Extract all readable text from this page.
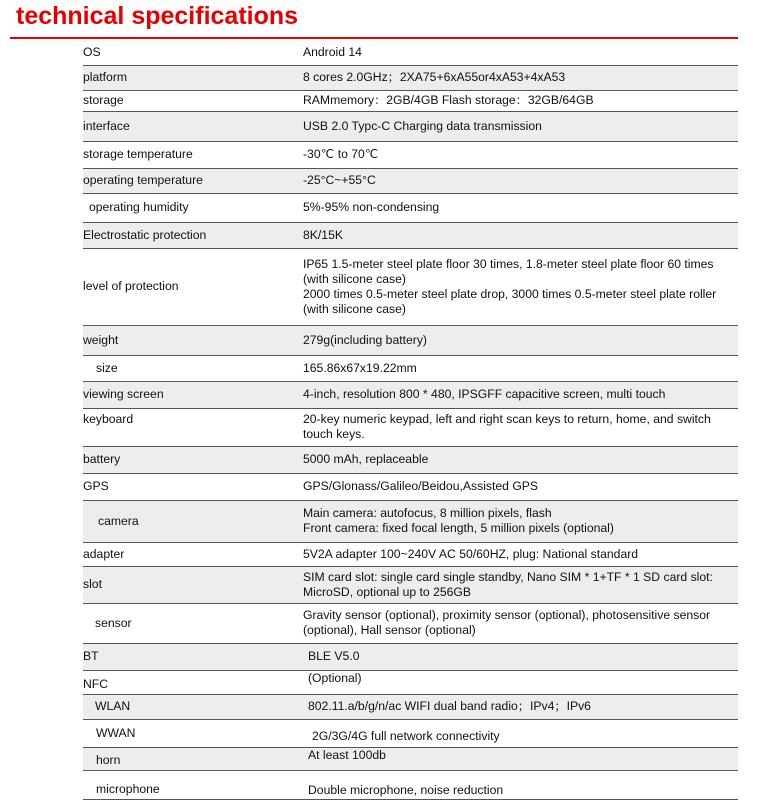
technical specifications
OS	Android 14
platform	8 cores 2.0GHz；2XA75+6xA55or4xA53+4xA53
storage	RAMmemory：2GB/4GB Flash storage：32GB/64GB
interface	USB 2.0 Typc-C Charging data transmission
storage temperature	-30℃ to 70℃
operating temperature	-25°C~+55°C
operating humidity	5%-95% non-condensing
Electrostatic protection	8K/15K
level of protection	IP65 1.5-meter steel plate floor 30 times, 1.8-meter steel plate floor 60 times (with silicone case)
2000 times 0.5-meter steel plate drop, 3000 times 0.5-meter steel plate roller (with silicone case)

weight	279g(including battery)
size	165.86x67x19.22mm
viewing screen	4-inch, resolution 800 * 480, IPSGFF capacitive screen, multi touch
keyboard	20-key numeric keypad, left and right scan keys to return, home, and switch touch keys.
battery	5000 mAh, replaceable
GPS	GPS/Glonass/Galileo/Beidou,Assisted GPS
camera	Main camera: autofocus, 8 million pixels, flash
Front camera: fixed focal length, 5 million pixels (optional)

adapter	5V2A adapter 100~240V AC 50/60HZ, plug: National standard
slot	SIM card slot: single card single standby, Nano SIM * 1+TF * 1 SD card slot: MicroSD, optional up to 256GB
sensor	Gravity sensor (optional), proximity sensor (optional), photosensitive sensor (optional), Hall sensor (optional)
BT	BLE V5.0
NFC	(Optional)
WLAN	802.11.a/b/g/n/ac WIFI dual band radio；IPv4；IPv6
WWAN	2G/3G/4G full network connectivity
horn	At least 100db
microphone	Double microphone, noise reduction
